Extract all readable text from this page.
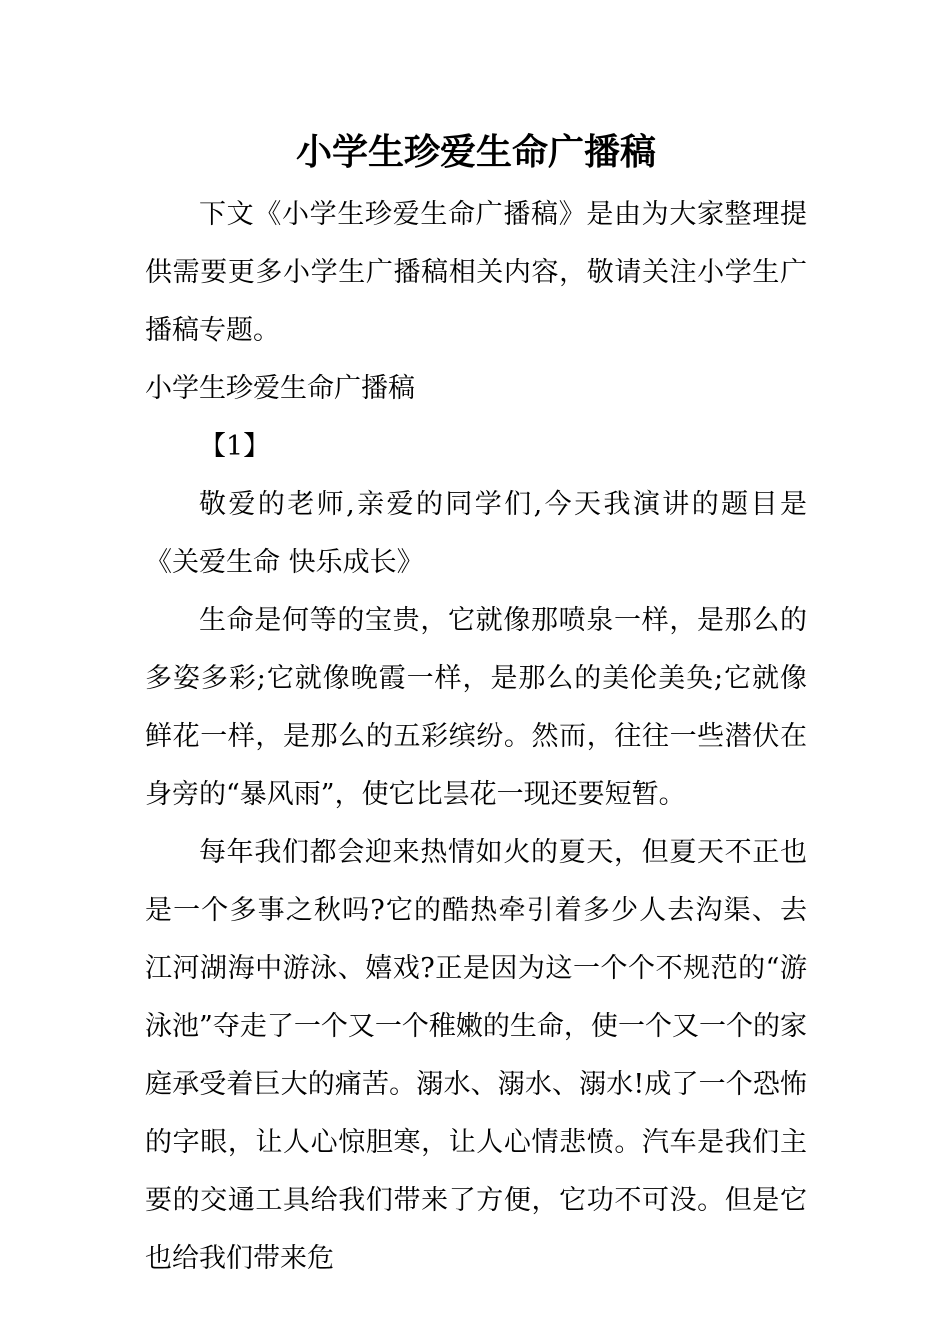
小学生珍爱生命广播稿

下文《小学生珍爱生命广播稿》是由为大家整理提供需要更多小学生广播稿相关内容，敬请关注小学生广播稿专题。

小学生珍爱生命广播稿

【1】

敬爱的老师,亲爱的同学们,今天我演讲的题目是《关爱生命 快乐成长》

生命是何等的宝贵，它就像那喷泉一样，是那么的多姿多彩;它就像晚霞一样，是那么的美伦美奂;它就像鲜花一样，是那么的五彩缤纷。然而，往往一些潜伏在身旁的“暴风雨”，使它比昙花一现还要短暂。

每年我们都会迎来热情如火的夏天，但夏天不正也是一个多事之秋吗?它的酷热牵引着多少人去沟渠、去江河湖海中游泳、嬉戏?正是因为这一个个不规范的“游泳池”夺走了一个又一个稚嫩的生命，使一个又一个的家庭承受着巨大的痛苦。溺水、溺水、溺水!成了一个恐怖的字眼，让人心惊胆寒，让人心情悲愤。汽车是我们主要的交通工具给我们带来了方便，它功不可没。但是它也给我们带来危
